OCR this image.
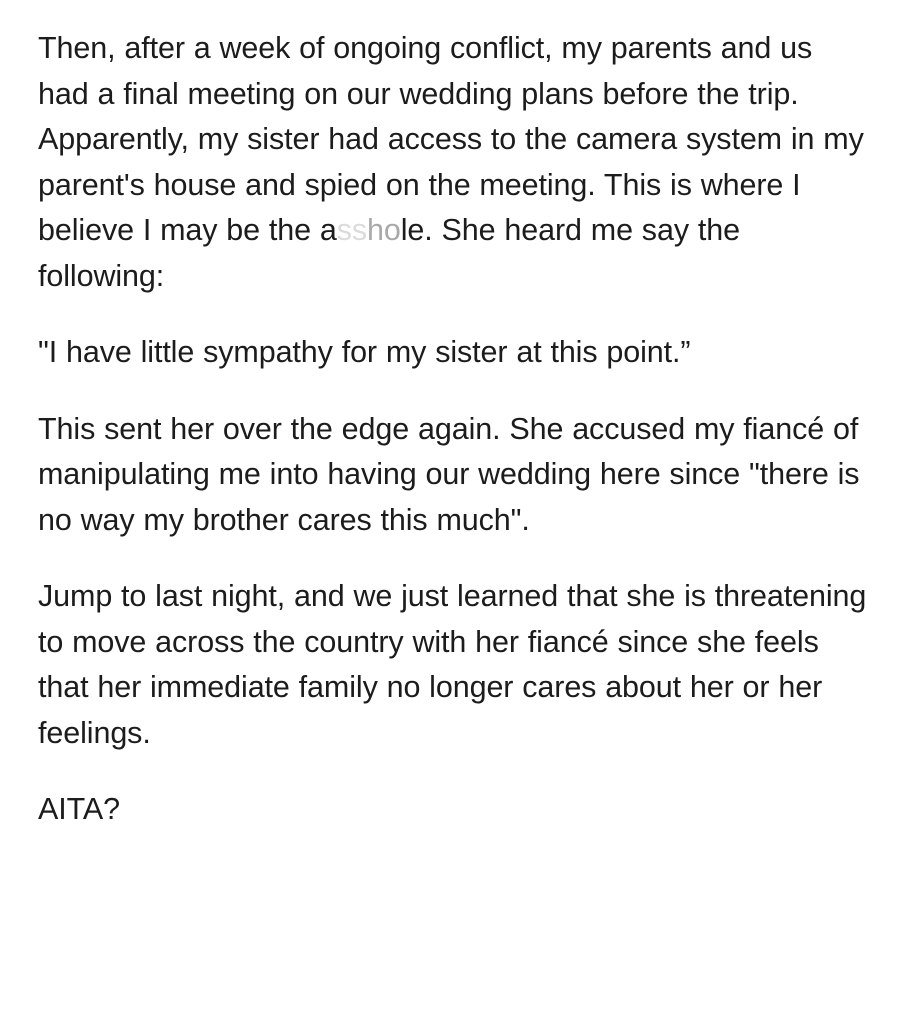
Then, after a week of ongoing conflict, my parents and us had a final meeting on our wedding plans before the trip. Apparently, my sister had access to the camera system in my parent's house and spied on the meeting. This is where I believe I may be the asshole. She heard me say the following:

"I have little sympathy for my sister at this point.”

This sent her over the edge again. She accused my fiancé of manipulating me into having our wedding here since "there is no way my brother cares this much".

Jump to last night, and we just learned that she is threatening to move across the country with her fiancé since she feels that her immediate family no longer cares about her or her feelings.

AITA?
